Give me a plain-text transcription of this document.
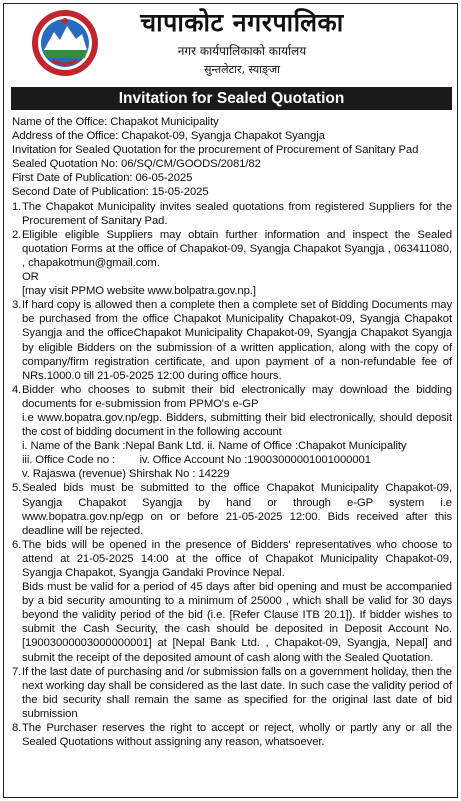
चापाकोट नगरपालिका
नगर कार्यपालिकाको कार्यालय
सुन्तलेटार, स्याङ्जा
Invitation for Sealed Quotation

Name of the Office: Chapakot Municipality

Address of the Office: Chapakot-09, Syangja Chapakot Syangja

Invitation for Sealed Quotation for the procurement of Procurement of Sanitary Pad Sealed Quotation No: 06/SQ/CM/GOODS/2081/82

First Date of Publication: 06-05-2025

Second Date of Publication: 15-05-2025

1. The Chapakot Municipality invites sealed quotations from registered Suppliers for the Procurement of Sanitary Pad.
2. Eligible eligible Suppliers may obtain further information and inspect the Sealed quotation Forms at the office of Chapakot-09, Syangja Chapakot Syangja , 063411080, , chapakotmun@gmail.com.
OR
[may visit PPMO website www.bolpatra.gov.np.]
3. If hard copy is allowed then a complete then a complete set of Bidding Documents may be purchased from the office Chapakot Municipality Chapakot-09, Syangja Chapakot Syangja and the officeChapakot Municipality Chapakot-09, Syangja Chapakot Syangja by eligible Bidders on the submission of a written application, along with the copy of company/firm registration certificate, and upon payment of a non-refundable fee of NRs.1000.0 till 21-05-2025 12:00 during office hours.
4. Bidder who chooses to submit their bid electronically may download the bidding documents for e-submission from PPMO's e-GP
i.e www.bopatra.gov.np/egp. Bidders, submitting their bid electronically, should deposit the cost of bidding document in the following account
i. Name of the Bank :Nepal Bank Ltd. ii. Name of Office :Chapakot Municipality
iii. Office Code no :        iv. Office Account No :19003000001001000001
v. Rajaswa (revenue) Shirshak No : 14229
5. Sealed bids must be submitted to the office Chapakot Municipality Chapakot-09, Syangja Chapakot Syangja by hand or through e-GP system i.e www.bopatra.gov.np/egp on or before 21-05-2025 12:00. Bids received after this deadline will be rejected.
6. The bids will be opened in the presence of Bidders' representatives who choose to attend at 21-05-2025 14:00 at the office of Chapakot Municipality Chapakot-09, Syangja Chapakot, Syangja Gandaki Province Nepal.
Bids must be valid for a period of 45 days after bid opening and must be accompanied by a bid security amounting to a minimum of 25000 , which shall be valid for 30 days beyond the validity period of the bid (i.e. [Refer Clause ITB 20.1]). If bidder wishes to submit the Cash Security, the cash should be deposited in Deposit Account No.[19003000003000000001] at [Nepal Bank Ltd. , Chapakot-09, Syangja, Nepal] and submit the receipt of the deposited amount of cash along with the Sealed Quotation.
7. If the last date of purchasing and /or submission falls on a government holiday, then the next working day shall be considered as the last date. In such case the validity period of the bid security shall remain the same as specified for the original last date of bid submission
8. The Purchaser reserves the right to accept or reject, wholly or partly any or all the Sealed Quotations without assigning any reason, whatsoever.
